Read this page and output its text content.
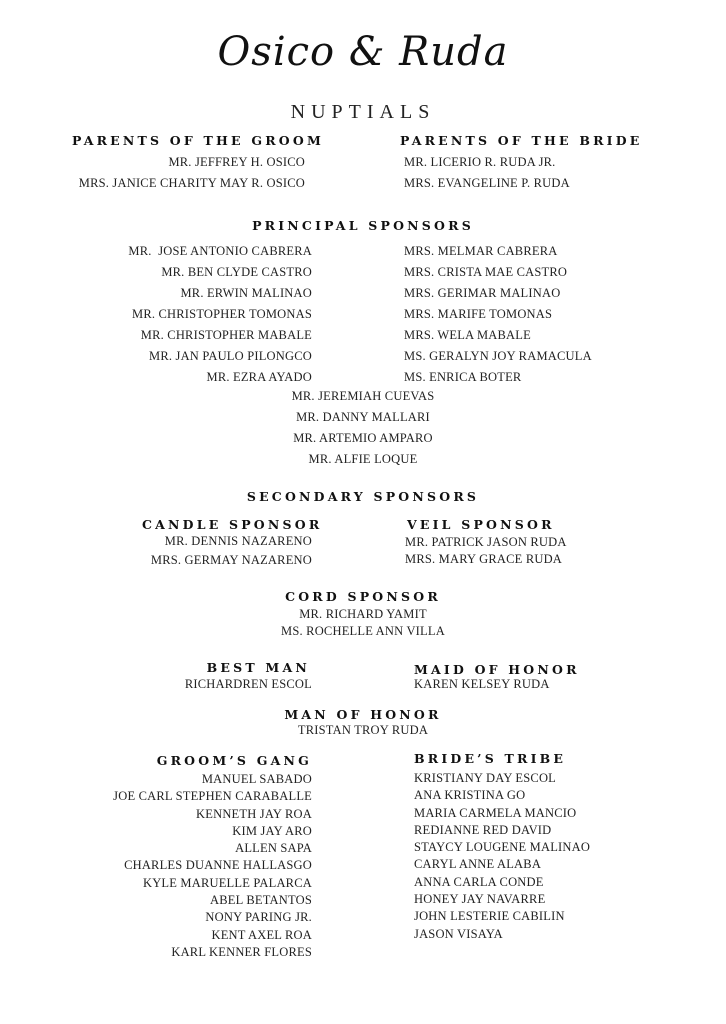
Osico & Ruda
NUPTIALS
PARENTS OF THE GROOM	PARENTS OF THE BRIDE
MR. JEFFREY H. OSICO
MRS. JANICE CHARITY MAY R. OSICO
MR. LICERIO R. RUDA JR.
MRS. EVANGELINE P. RUDA
PRINCIPAL SPONSORS
MR.  JOSE ANTONIO CABRERA
MR. BEN CLYDE CASTRO
MR. ERWIN MALINAO
MR. CHRISTOPHER TOMONAS
MR. CHRISTOPHER MABALE
MR. JAN PAULO PILONGCO
MR. EZRA AYADO
MRS. MELMAR CABRERA
MRS. CRISTA MAE CASTRO
MRS. GERIMAR MALINAO
MRS. MARIFE TOMONAS
MRS. WELA MABALE
MS. GERALYN JOY RAMACULA
MS. ENRICA BOTER
MR. JEREMIAH CUEVAS
MR. DANNY MALLARI
MR. ARTEMIO AMPARO
MR. ALFIE LOQUE
SECONDARY SPONSORS
CANDLE SPONSOR	VEIL SPONSOR
MR. DENNIS NAZARENO
MRS. GERMAY NAZARENO
MR. PATRICK JASON RUDA
MRS. MARY GRACE RUDA
CORD SPONSOR
MR. RICHARD YAMIT
MS. ROCHELLE ANN VILLA
BEST MAN
RICHARDREN ESCOL
MAID OF HONOR
KAREN KELSEY RUDA
MAN OF HONOR
TRISTAN TROY RUDA
GROOM’S GANG
MANUEL SABADO
JOE CARL STEPHEN CARABALLE
KENNETH JAY ROA
KIM JAY ARO
ALLEN SAPA
CHARLES DUANNE HALLASGO
KYLE MARUELLE PALARCA
ABEL BETANTOS
NONY PARING JR.
KENT AXEL ROA
KARL KENNER FLORES
BRIDE’S TRIBE
KRISTIANY DAY ESCOL
ANA KRISTINA GO
MARIA CARMELA MANCIO
REDIANNE RED DAVID
STAYCY LOUGENE MALINAO
CARYL ANNE ALABA
ANNA CARLA CONDE
HONEY JAY NAVARRE
JOHN LESTERIE CABILIN
JASON VISAYA
